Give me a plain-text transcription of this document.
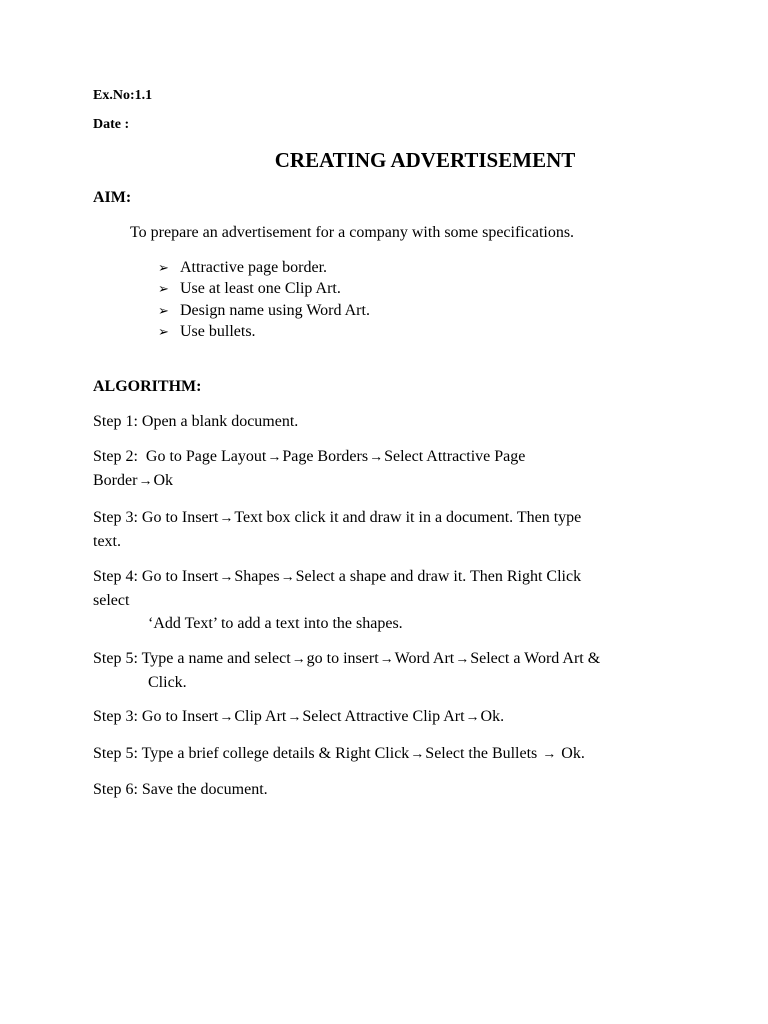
Ex.No:1.1
Date :
CREATING ADVERTISEMENT
AIM:
To prepare an advertisement for a company with some specifications.
➢ Attractive page border.
➢ Use at least one Clip Art.
➢ Design name using Word Art.
➢ Use bullets.
ALGORITHM:
Step 1: Open a blank document.
Step 2:  Go to Page Layout→Page Borders→Select Attractive Page
Border→Ok
Step 3: Go to Insert→Text box click it and draw it in a document. Then type
text.
Step 4: Go to Insert→Shapes→Select a shape and draw it. Then Right Click
select
‘Add Text’ to add a text into the shapes.
Step 5: Type a name and select→go to insert→Word Art→Select a Word Art &
Click.
Step 3: Go to Insert→Clip Art→Select Attractive Clip Art→Ok.
Step 5: Type a brief college details & Right Click→Select the Bullets → Ok.
Step 6: Save the document.
